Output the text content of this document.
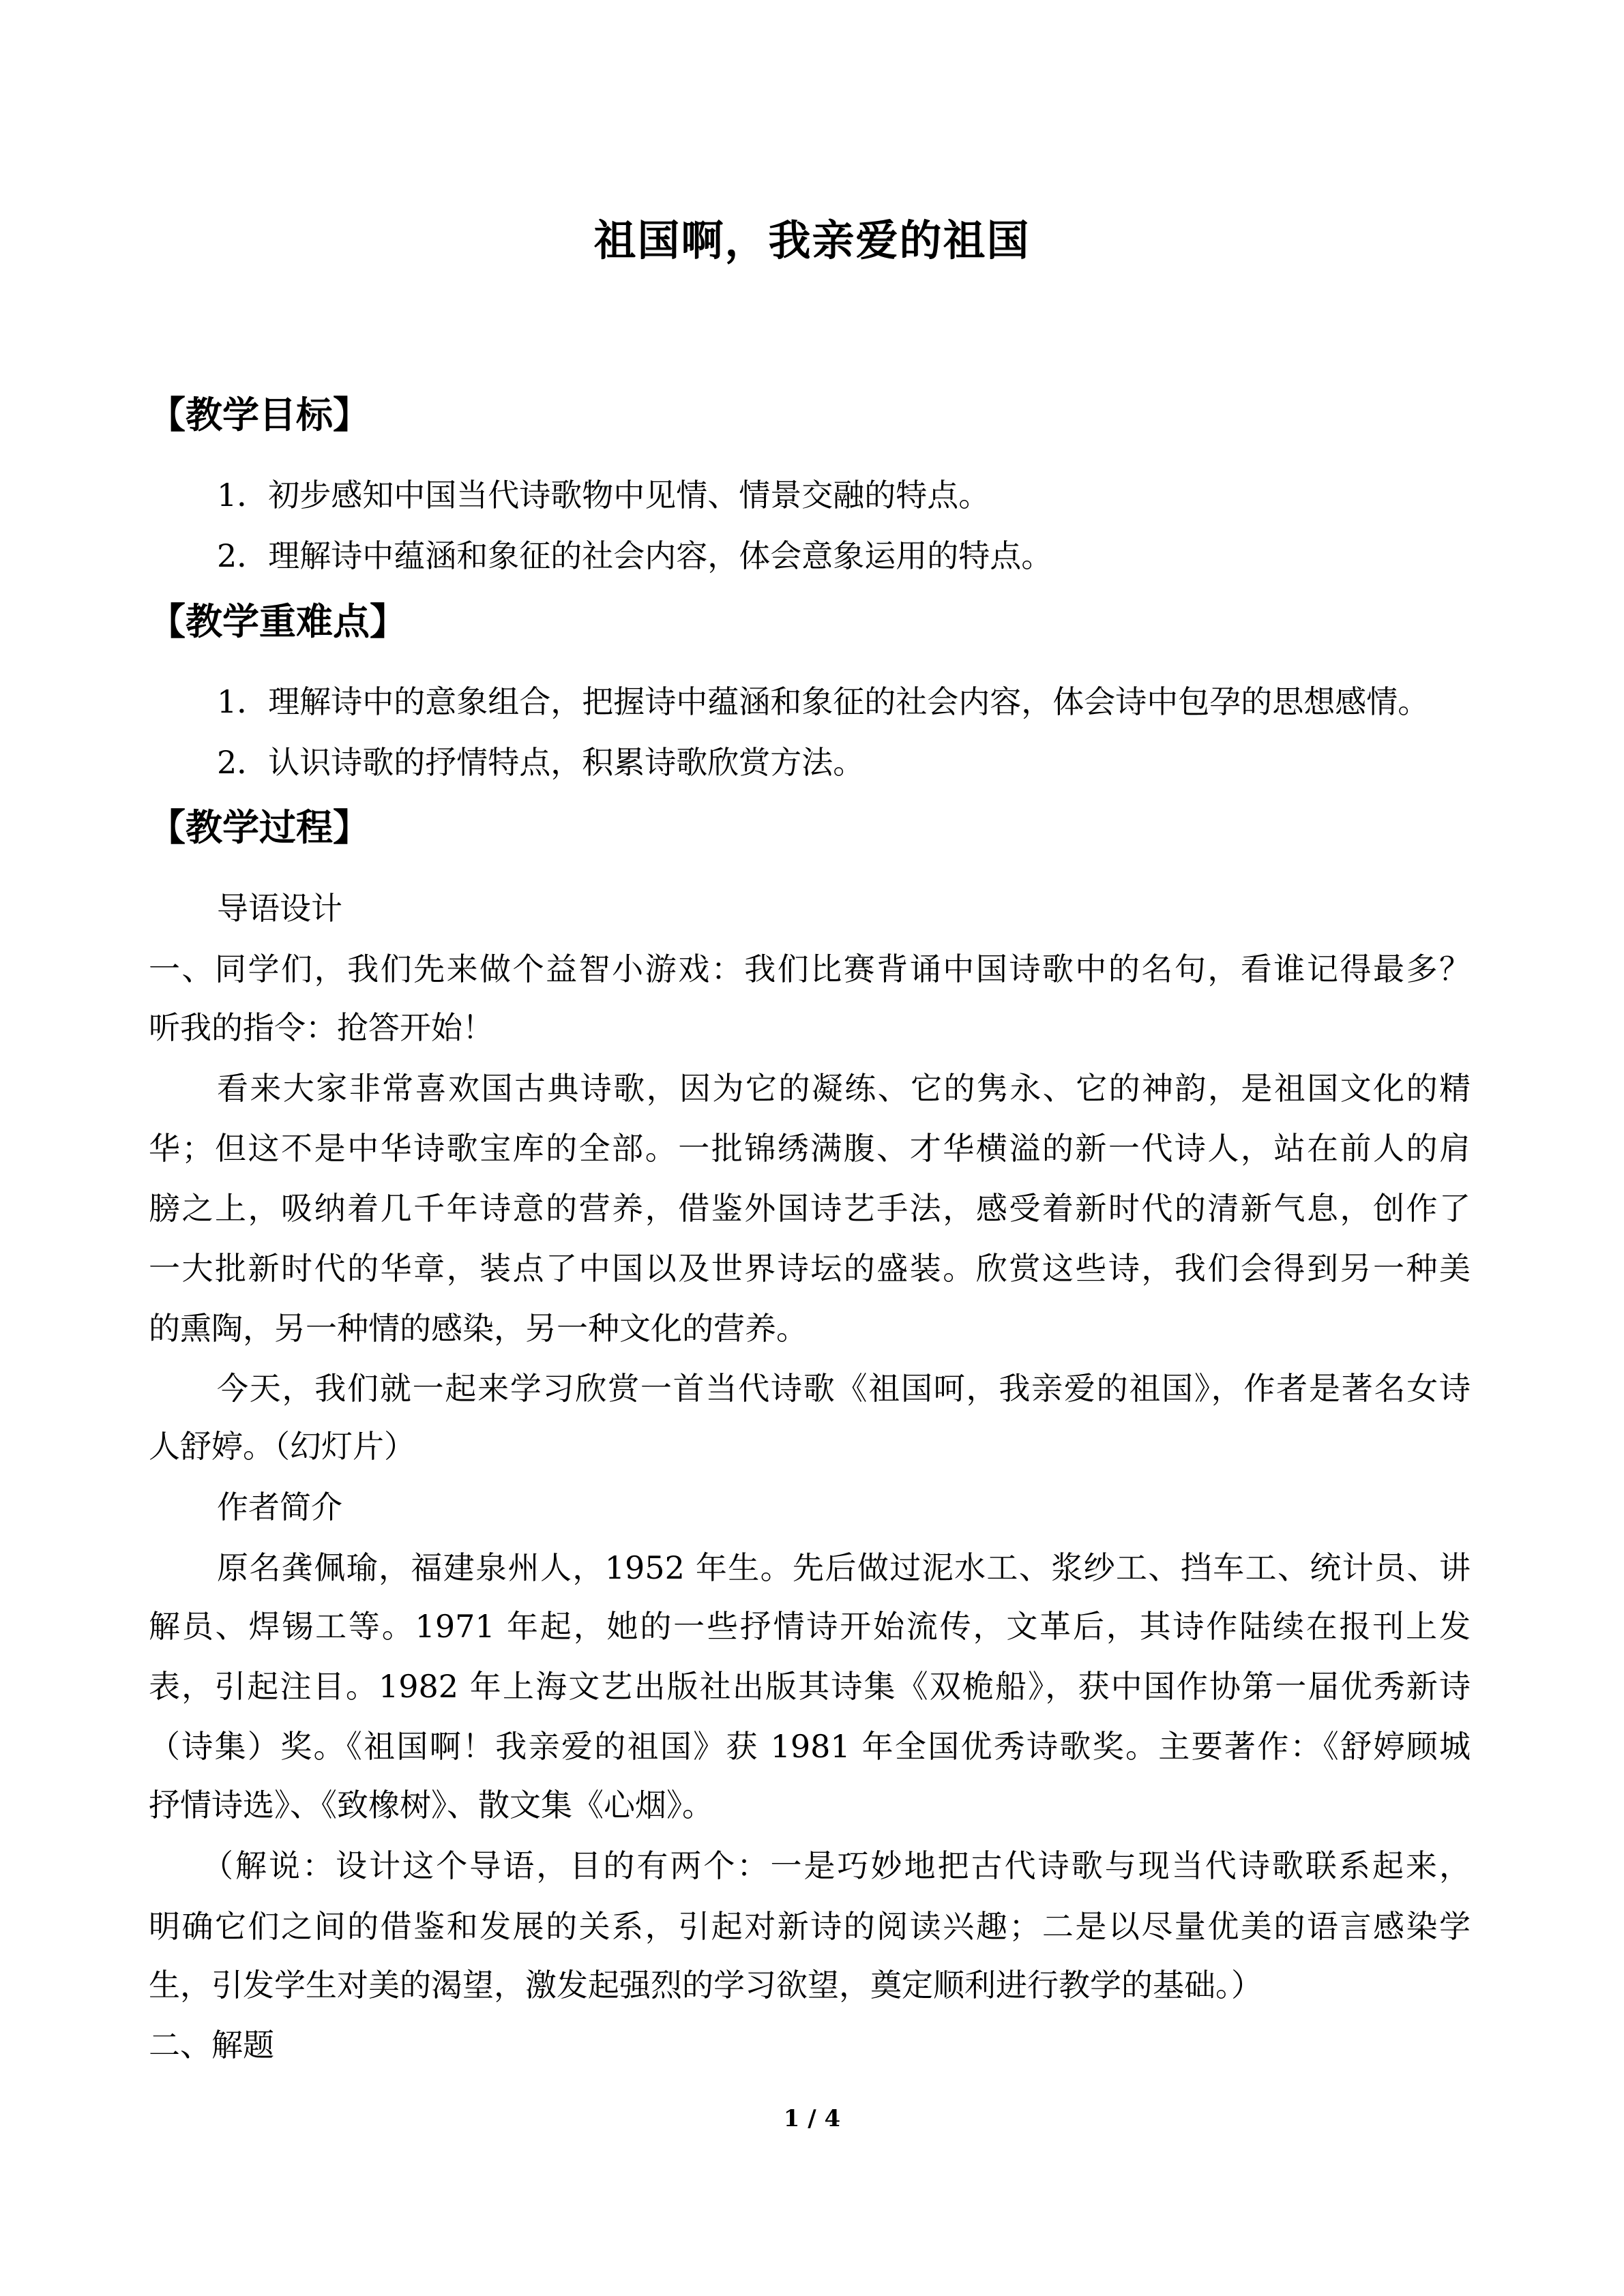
祖国啊，我亲爱的祖国
【教学目标】
1．初步感知中国当代诗歌物中见情、情景交融的特点。
2．理解诗中蕴涵和象征的社会内容，体会意象运用的特点。
【教学重难点】
1．理解诗中的意象组合，把握诗中蕴涵和象征的社会内容，体会诗中包孕的思想感情。
2．认识诗歌的抒情特点，积累诗歌欣赏方法。
【教学过程】
导语设计
一、同学们，我们先来做个益智小游戏：我们比赛背诵中国诗歌中的名句，看谁记得最多？
听我的指令：抢答开始！
看来大家非常喜欢国古典诗歌，因为它的凝练、它的隽永、它的神韵，是祖国文化的精
华；但这不是中华诗歌宝库的全部。一批锦绣满腹、才华横溢的新一代诗人，站在前人的肩
膀之上，吸纳着几千年诗意的营养，借鉴外国诗艺手法，感受着新时代的清新气息，创作了
一大批新时代的华章，装点了中国以及世界诗坛的盛装。欣赏这些诗，我们会得到另一种美
的熏陶，另一种情的感染，另一种文化的营养。
今天，我们就一起来学习欣赏一首当代诗歌《祖国呵，我亲爱的祖国》，作者是著名女诗
人舒婷。（幻灯片）
作者简介
原名龚佩瑜，福建泉州人，1952 年生。先后做过泥水工、浆纱工、挡车工、统计员、讲
解员、焊锡工等。1971 年起，她的一些抒情诗开始流传，文革后，其诗作陆续在报刊上发
表，引起注目。1982 年上海文艺出版社出版其诗集《双桅船》，获中国作协第一届优秀新诗
（诗集）奖。《祖国啊！我亲爱的祖国》获 1981 年全国优秀诗歌奖。主要著作：《舒婷顾城
抒情诗选》、《致橡树》、散文集《心烟》。
（解说：设计这个导语，目的有两个：一是巧妙地把古代诗歌与现当代诗歌联系起来，
明确它们之间的借鉴和发展的关系，引起对新诗的阅读兴趣；二是以尽量优美的语言感染学
生，引发学生对美的渴望，激发起强烈的学习欲望，奠定顺利进行教学的基础。）
二、解题
1 / 4
